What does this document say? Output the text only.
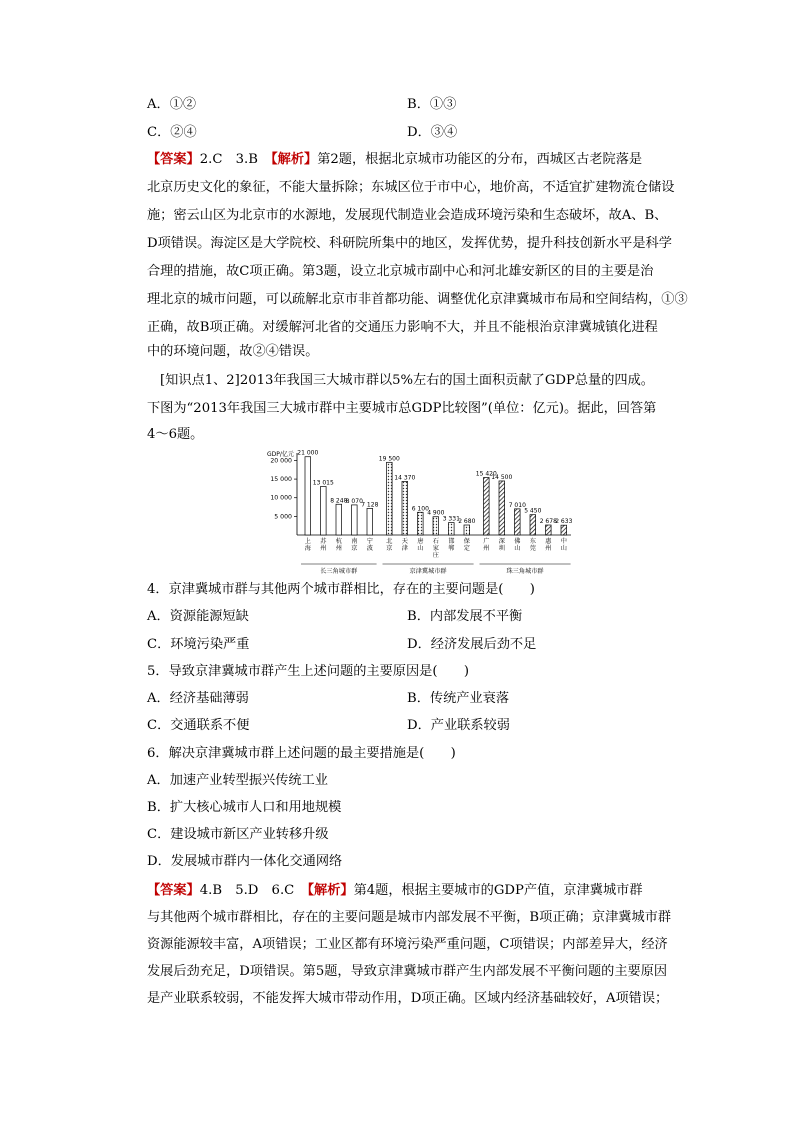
A．①②	B．①③
C．②④	D．③④
【答案】2.C　3.B　【解析】第2题，根据北京城市功能区的分布，西城区古老院落是
北京历史文化的象征，不能大量拆除；东城区位于市中心，地价高，不适宜扩建物流仓储设
施；密云山区为北京市的水源地，发展现代制造业会造成环境污染和生态破坏，故A、B、
D项错误。海淀区是大学院校、科研院所集中的地区，发挥优势，提升科技创新水平是科学
合理的措施，故C项正确。第3题，设立北京城市副中心和河北雄安新区的目的主要是治
理北京的城市问题，可以疏解北京市非首都功能、调整优化京津冀城市布局和空间结构，①③
正确，故B项正确。对缓解河北省的交通压力影响不大，并且不能根治京津冀城镇化进程
中的环境问题，故②④错误。
[知识点1、2]2013年我国三大城市群以5%左右的国土面积贡献了GDP总量的四成。
下图为“2013年我国三大城市群中主要城市总GDP比较图”(单位：亿元)。据此，回答第
4～6题。
GDP/亿元
20 000
15 000
10 000
5 000
21 000
上
海
13 015
苏
州
8 248
杭
州
8 070
南
京
7 128
宁
波
19 500
北
京
14 370
天
津
6 100
唐
山
4 900
石
家
庄
3 331
邯
郸
2 680
保
定
15 420
广
州
14 500
深
圳
7 010
佛
山
5 450
东
莞
2 678
惠
州
2 633
中
山
长三角城市群	京津冀城市群	珠三角城市群
4．京津冀城市群与其他两个城市群相比，存在的主要问题是(　　)
A．资源能源短缺	B．内部发展不平衡
C．环境污染严重	D．经济发展后劲不足
5．导致京津冀城市群产生上述问题的主要原因是(　　)
A．经济基础薄弱	B．传统产业衰落
C．交通联系不便	D．产业联系较弱
6．解决京津冀城市群上述问题的最主要措施是(　　)
A．加速产业转型振兴传统工业
B．扩大核心城市人口和用地规模
C．建设城市新区产业转移升级
D．发展城市群内一体化交通网络
【答案】4.B　5.D　6.C　【解析】第4题，根据主要城市的GDP产值，京津冀城市群
与其他两个城市群相比，存在的主要问题是城市内部发展不平衡，B项正确；京津冀城市群
资源能源较丰富，A项错误；工业区都有环境污染严重问题，C项错误；内部差异大，经济
发展后劲充足，D项错误。第5题，导致京津冀城市群产生内部发展不平衡问题的主要原因
是产业联系较弱，不能发挥大城市带动作用，D项正确。区域内经济基础较好，A项错误；
